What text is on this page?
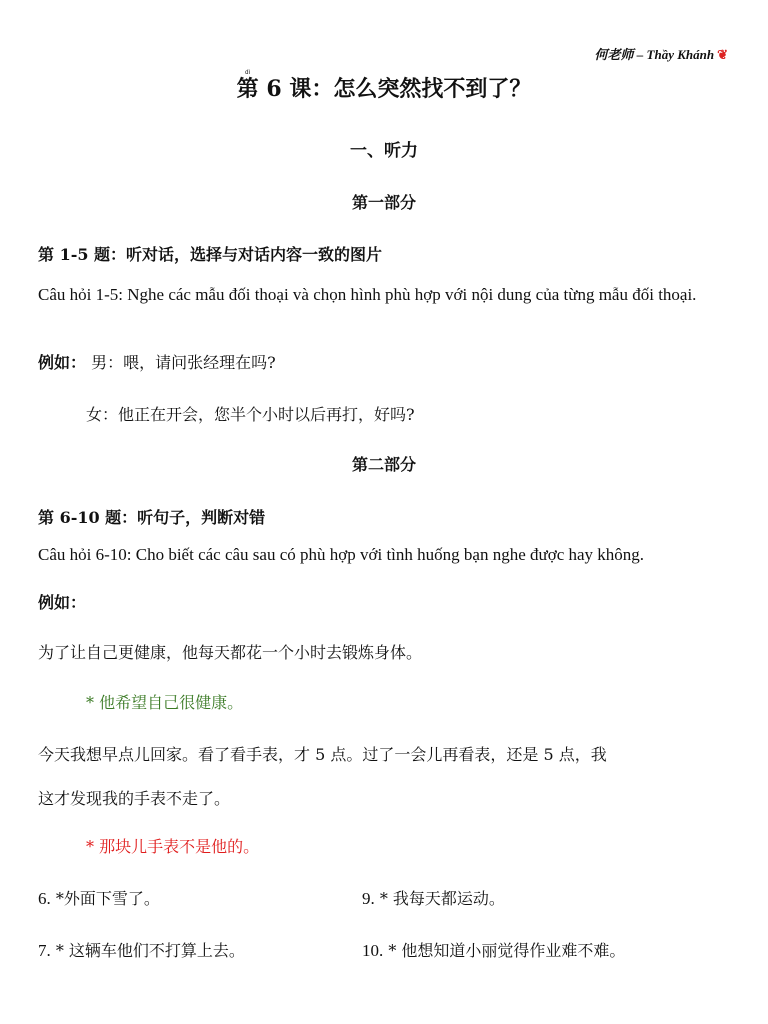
何老师 – Thầy Khánh ❦
第dì 6 课：怎么突然找不到了？
一、听力
第一部分
第 1-5 题：听对话，选择与对话内容一致的图片
Câu hỏi 1-5: Nghe các mẫu đối thoại và chọn hình phù hợp với nội dung của từng mẫu đối thoại.
例如： 男：喂，请问张经理在吗?
女：他正在开会，您半个小时以后再打，好吗?
第二部分
第 6-10 题：听句子，判断对错
Câu hỏi 6-10: Cho biết các câu sau có phù hợp với tình huống bạn nghe được hay không.
例如：
为了让自己更健康，他每天都花一个小时去锻炼身体。
* 他希望自己很健康。
今天我想早点儿回家。看了看手表，才 5 点。过了一会儿再看表，还是 5 点，我
这才发现我的手表不走了。
* 那块儿手表不是他的。
6. *外面下雪了。	9. * 我每天都运动。
7. * 这辆车他们不打算上去。	10. * 他想知道小丽觉得作业难不难。
